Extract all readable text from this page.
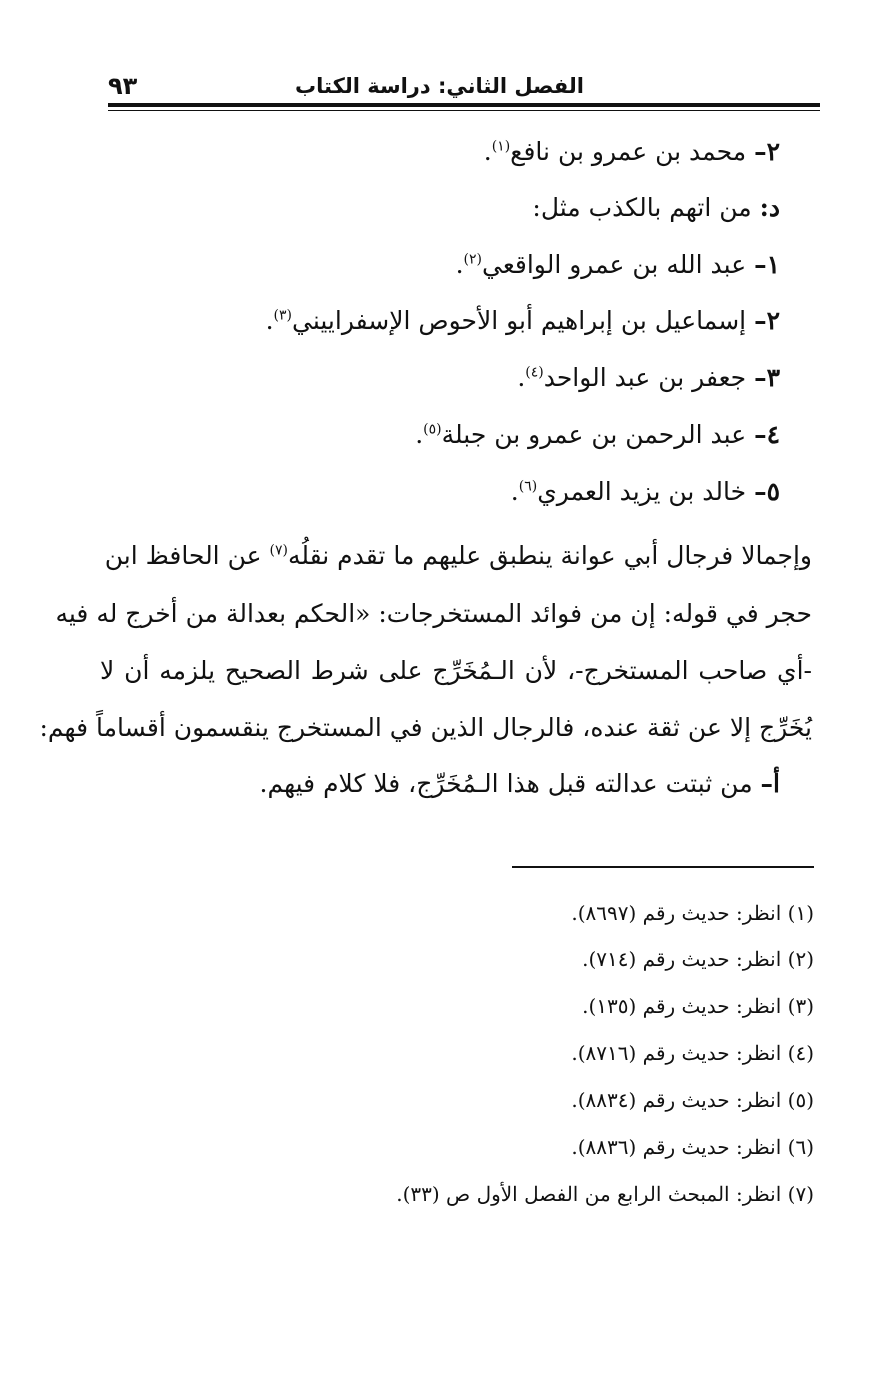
الفصل الثاني: دراسة الكتاب
٩٣
٢– محمد بن عمرو بن نافع$^{(١)}$.
د: من اتهم بالكذب مثل:
١– عبد الله بن عمرو الواقعي$^{(٢)}$.
٢– إسماعيل بن إبراهيم أبو الأحوص الإسفراييني$^{(٣)}$.
٣– جعفر بن عبد الواحد$^{(٤)}$.
٤– عبد الرحمن بن عمرو بن جبلة$^{(٥)}$.
٥– خالد بن يزيد العمري$^{(٦)}$.
وإجمالا فرجال أبي عوانة ينطبق عليهم ما تقدم نقلُه$^{(٧)}$ عن الحافظ ابن
حجر في قوله: إن من فوائد المستخرجات: «الحكم بعدالة من أخرج له فيه
-أي صاحب المستخرج-، لأن الـمُخَرِّج على شرط الصحيح يلزمه أن لا
يُخَرِّج إلا عن ثقة عنده، فالرجال الذين في المستخرج ينقسمون أقساماً فهم:
أ– من ثبتت عدالته قبل هذا الـمُخَرِّج، فلا كلام فيهم.
(١) انظر: حديث رقم (٨٦٩٧).
(٢) انظر: حديث رقم (٧١٤).
(٣) انظر: حديث رقم (١٣٥).
(٤) انظر: حديث رقم (٨٧١٦).
(٥) انظر: حديث رقم (٨٨٣٤).
(٦) انظر: حديث رقم (٨٨٣٦).
(٧) انظر: المبحث الرابع من الفصل الأول ص (٣٣).
